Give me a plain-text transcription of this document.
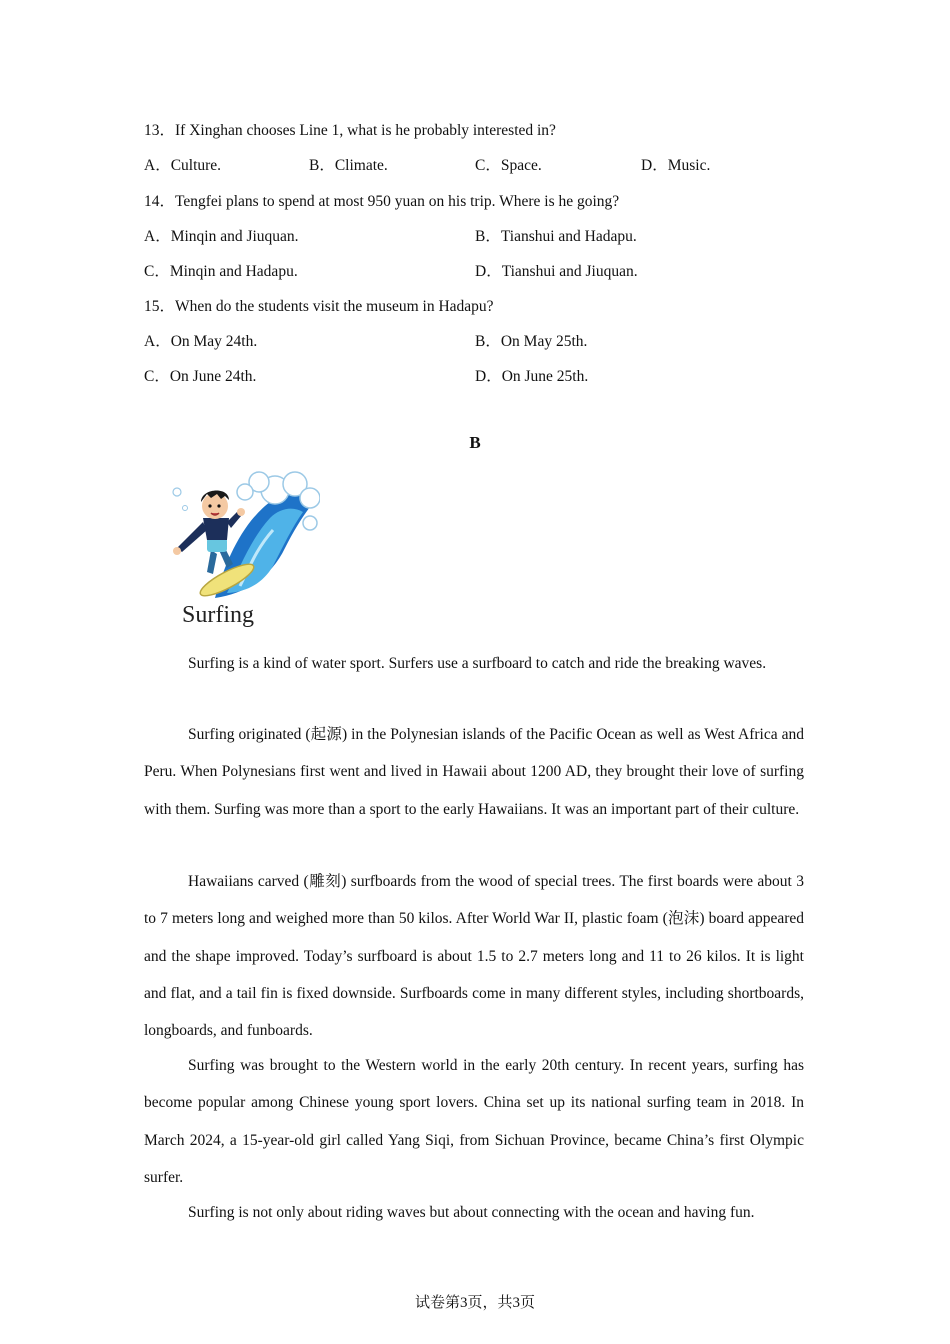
13．If Xinghan chooses Line 1, what is he probably interested in?
A．Culture.	B．Climate.	C．Space.	D．Music.
14．Tengfei plans to spend at most 950 yuan on his trip. Where is he going?
A．Minqin and Jiuquan.	B．Tianshui and Hadapu.
C．Minqin and Hadapu.	D．Tianshui and Jiuquan.
15．When do the students visit the museum in Hadapu?
A．On May 24th.	B．On May 25th.
C．On June 24th.	D．On June 25th.
B
Surfing

Surfing is a kind of water sport. Surfers use a surfboard to catch and ride the breaking waves.

Surfing originated (起源) in the Polynesian islands of the Pacific Ocean as well as West Africa and Peru. When Polynesians first went and lived in Hawaii about 1200 AD, they brought their love of surfing with them. Surfing was more than a sport to the early Hawaiians. It was an important part of their culture.

Hawaiians carved (雕刻) surfboards from the wood of special trees. The first boards were about 3 to 7 meters long and weighed more than 50 kilos. After World War II, plastic foam (泡沫) board appeared and the shape improved. Today’s surfboard is about 1.5 to 2.7 meters long and 11 to 26 kilos. It is light and flat, and a tail fin is fixed downside. Surfboards come in many different styles, including shortboards, longboards, and funboards.

Surfing was brought to the Western world in the early 20th century. In recent years, surfing has become popular among Chinese young sport lovers. China set up its national surfing team in 2018. In March 2024, a 15-year-old girl called Yang Siqi, from Sichuan Province, became China’s first Olympic surfer.

Surfing is not only about riding waves but about connecting with the ocean and having fun.

试卷第3页，共3页
